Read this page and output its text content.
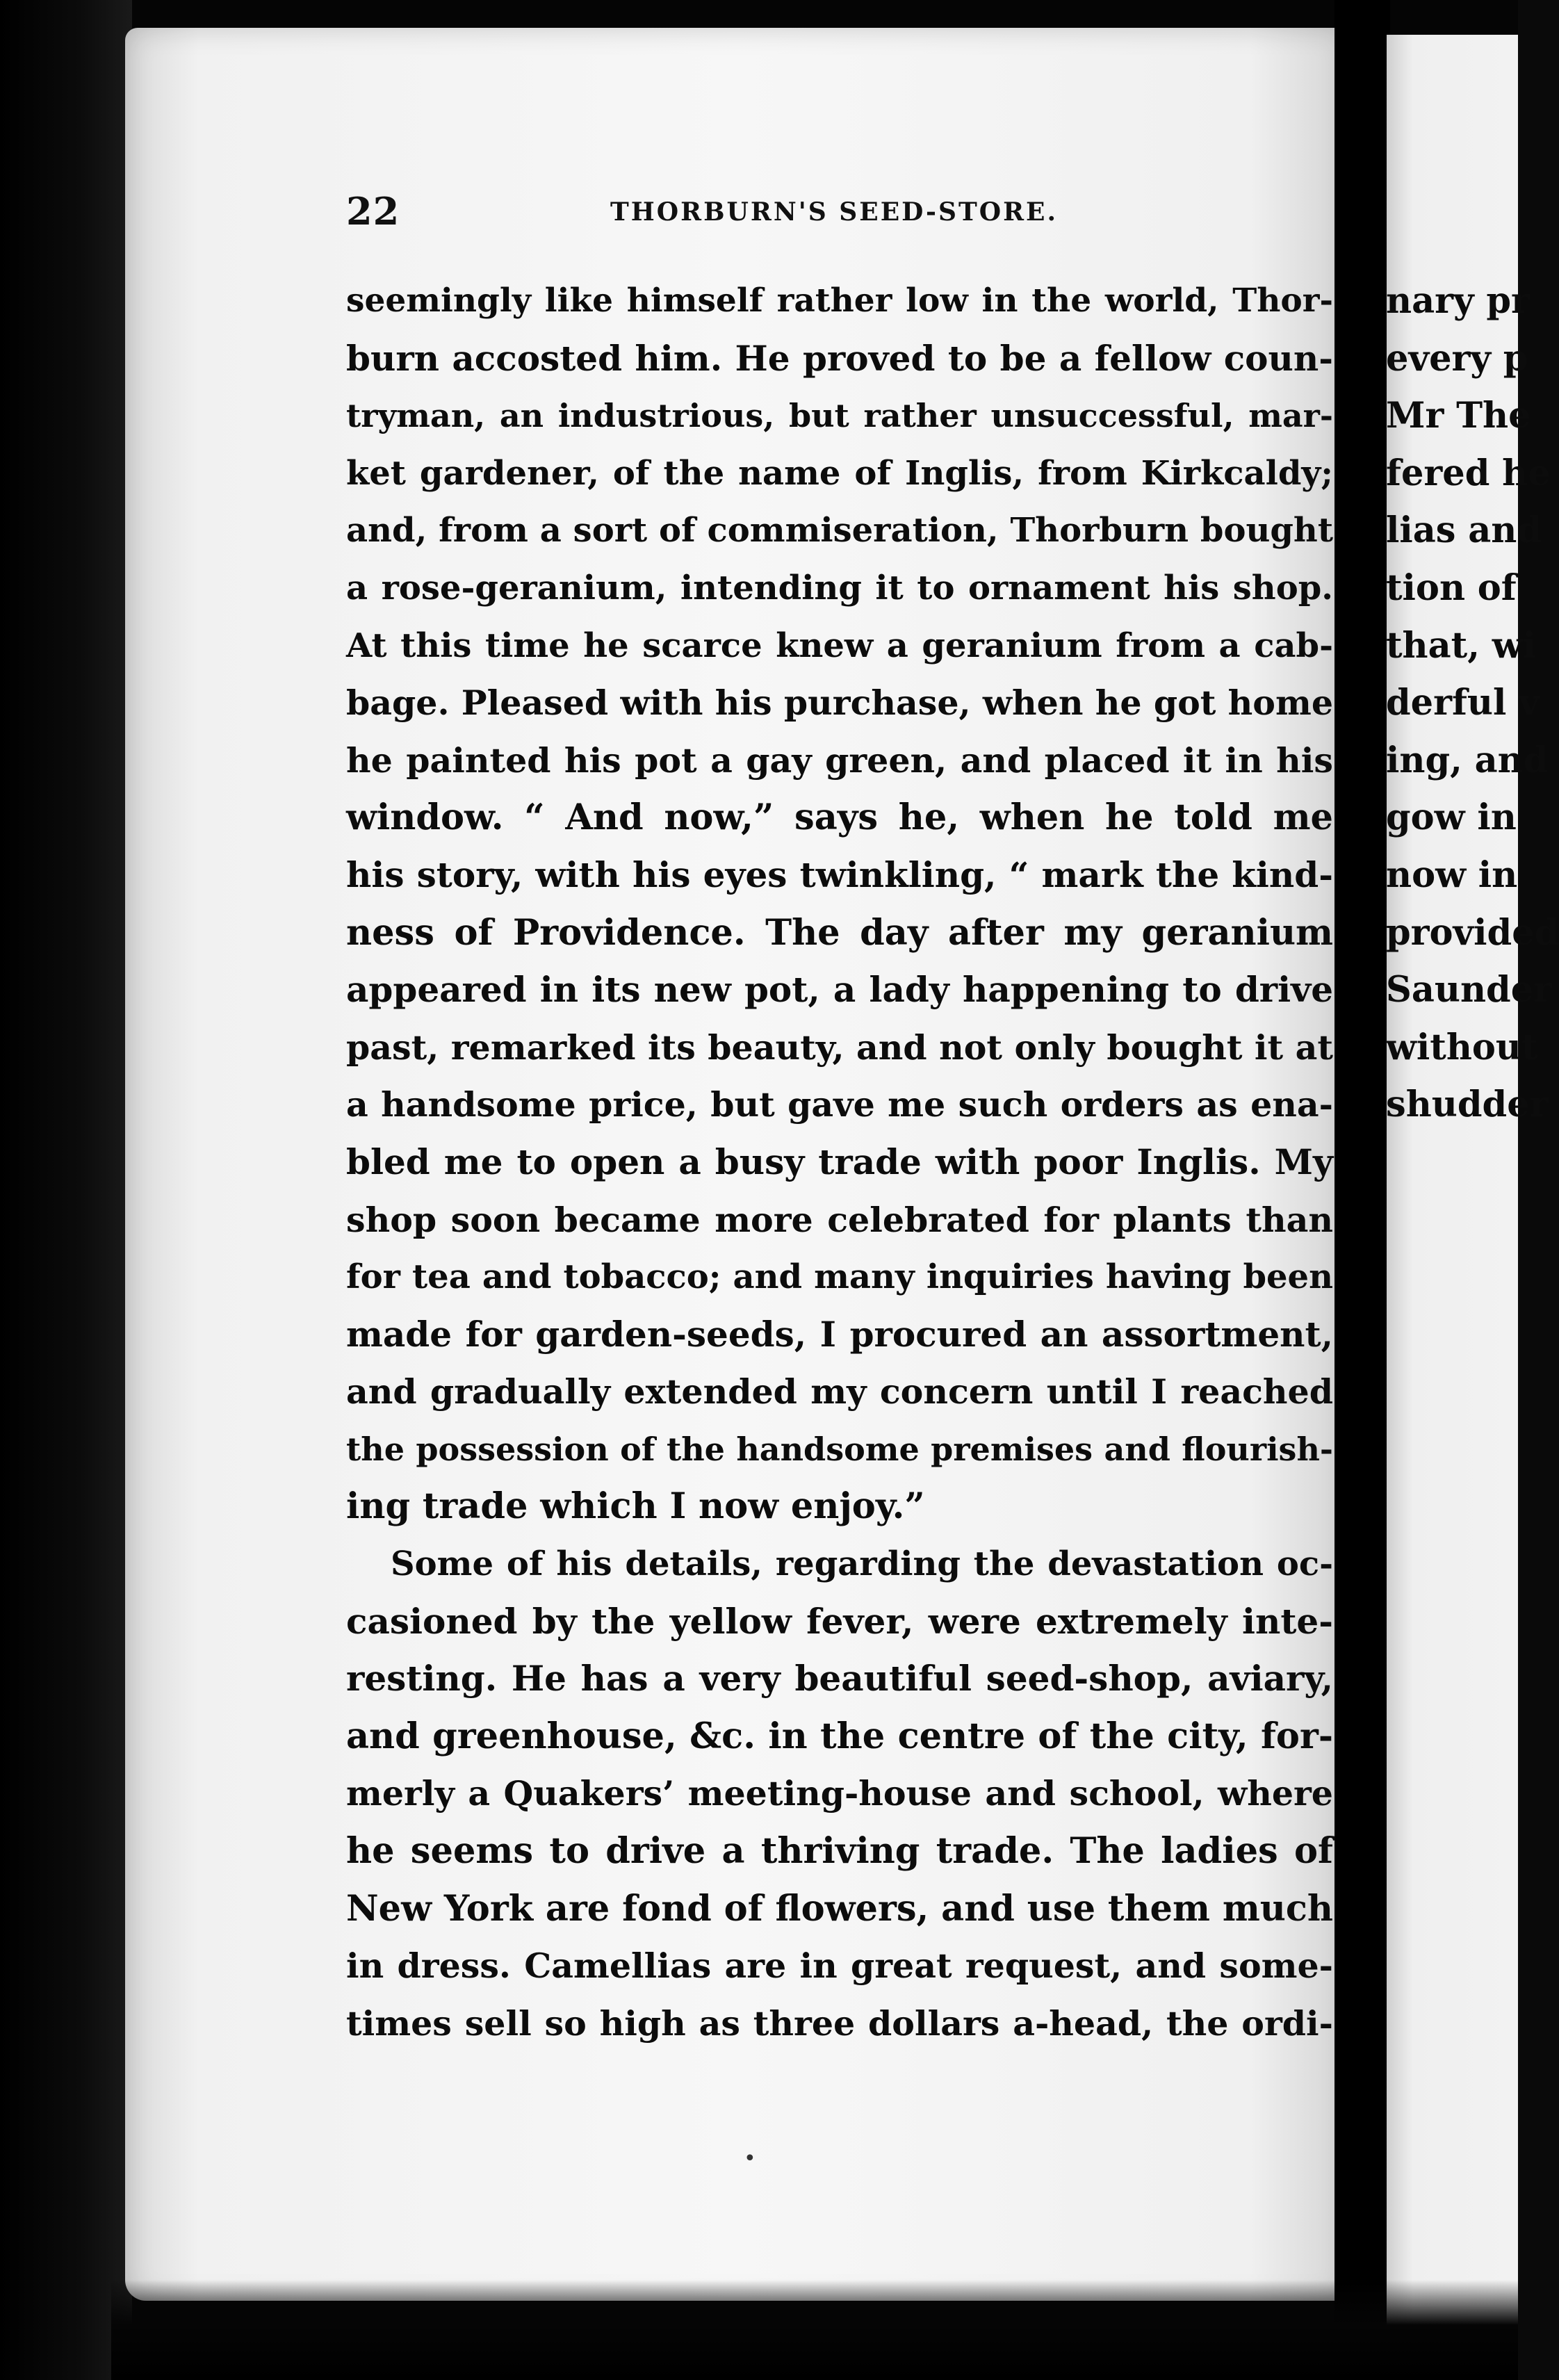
22	THORBURN'S SEED-STORE.
seemingly like himself rather low in the world, Thor-
burn accosted him. He proved to be a fellow coun-
tryman, an industrious, but rather unsuccessful, mar-
ket gardener, of the name of Inglis, from Kirkcaldy;
and, from a sort of commiseration, Thorburn bought
a rose-geranium, intending it to ornament his shop.
At this time he scarce knew a geranium from a cab-
bage. Pleased with his purchase, when he got home
he painted his pot a gay green, and placed it in his
window. “ And now,” says he, when he told me
his story, with his eyes twinkling, “ mark the kind-
ness of Providence. The day after my geranium
appeared in its new pot, a lady happening to drive
past, remarked its beauty, and not only bought it at
a handsome price, but gave me such orders as ena-
bled me to open a busy trade with poor Inglis. My
shop soon became more celebrated for plants than
for tea and tobacco; and many inquiries having been
made for garden-seeds, I procured an assortment,
and gradually extended my concern until I reached
the possession of the handsome premises and flourish-
ing trade which I now enjoy.”
Some of his details, regarding the devastation oc-
casioned by the yellow fever, were extremely inte-
resting. He has a very beautiful seed-shop, aviary,
and greenhouse, &c. in the centre of the city, for-
merly a Quakers’ meeting-house and school, where
he seems to drive a thriving trade. The ladies of
New York are fond of flowers, and use them much
in dress. Camellias are in great request, and some-
times sell so high as three dollars a-head, the ordi-
nary pr
every p
Mr The
fered he
lias and
tion of
that, wi
derful v
ing, and
gow in
now in
provided
Saunder
without
shudder
•
